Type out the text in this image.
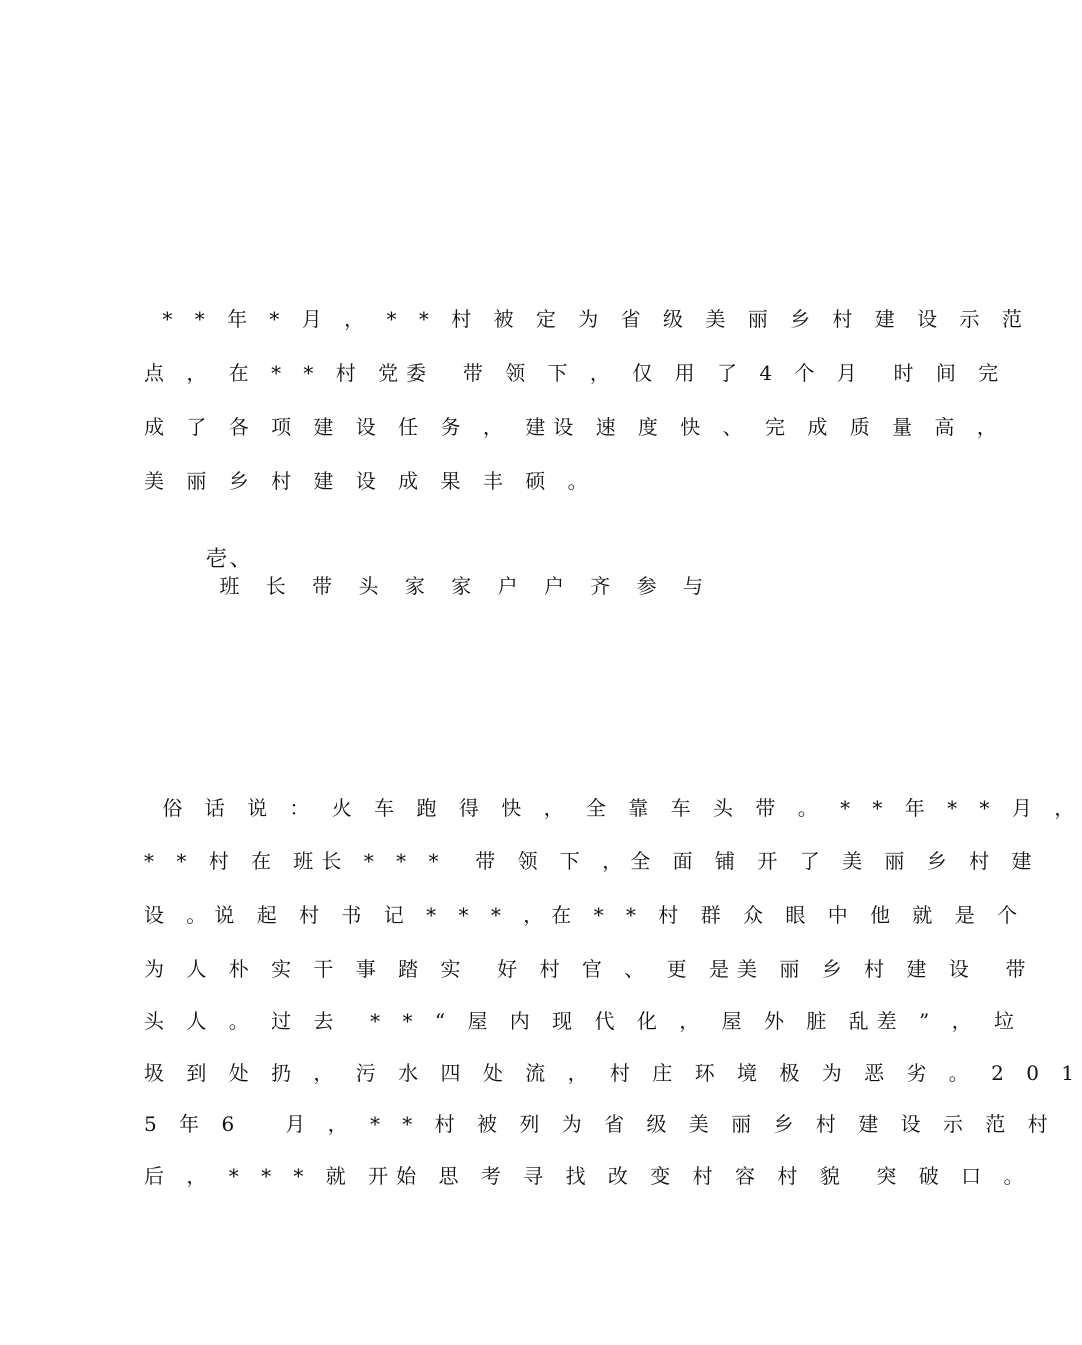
* * 年 * 月 ， * * 村 被 定 为 省 级 美 丽 乡 村 建 设 示 范
点 ， 在 * * 村 党委  带 领 下 ， 仅 用 了 4 个 月  时 间 完
成 了 各 项 建 设 任 务 ， 建设 速 度 快 、 完 成 质 量 高 ，
美 丽 乡 村 建 设 成 果 丰 硕 。

壱、
班 长 带 头 家 家 户 户 齐 参 与

俗 话 说 ： 火 车 跑 得 快 ， 全 靠 车 头 带 。 * * 年 * * 月 ，
* * 村 在 班长 * * *  带 领 下 ，全 面 铺 开 了 美 丽 乡 村 建
设 。说 起 村 书 记 * * * ，在 * * 村 群 众 眼 中 他 就 是 个
为 人 朴 实 干 事 踏 实  好 村 官 、 更 是美 丽 乡 村 建 设  带
头 人 。 过 去  * * “ 屋 内 现 代 化 ， 屋 外 脏 乱差 ” ， 垃
圾 到 处 扔 ， 污 水 四 处 流 ， 村 庄 环 境 极 为 恶 劣 。 2 0 1
5 年 6   月 ， * * 村 被 列 为 省 级 美 丽 乡 村 建 设 示 范 村
后 ， * * * 就 开始 思 考 寻 找 改 变 村 容 村 貌  突 破 口 。
